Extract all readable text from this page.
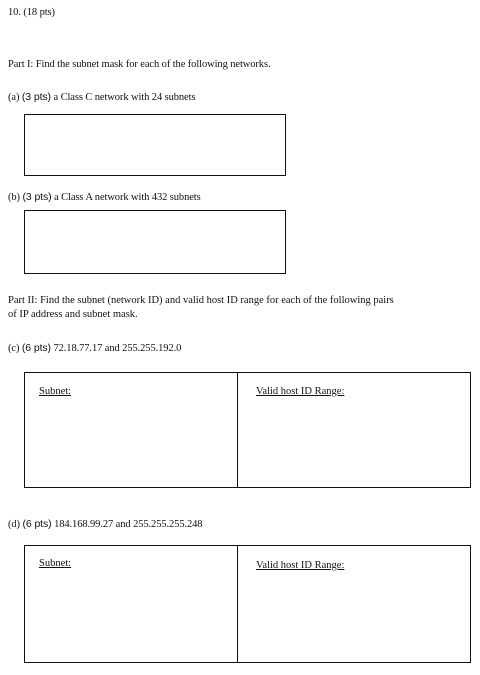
10. (18 pts)
Part I: Find the subnet mask for each of the following networks.
(a) (3 pts) a Class C network with 24 subnets
(b) (3 pts) a Class A network with 432 subnets
Part II: Find the subnet (network ID) and valid host ID range for each of the following pairs
of IP address and subnet mask.
(c) (6 pts) 72.18.77.17 and 255.255.192.0
Subnet:	Valid host ID Range:
(d) (6 pts) 184.168.99.27 and 255.255.255.248
Subnet:	Valid host ID Range:
